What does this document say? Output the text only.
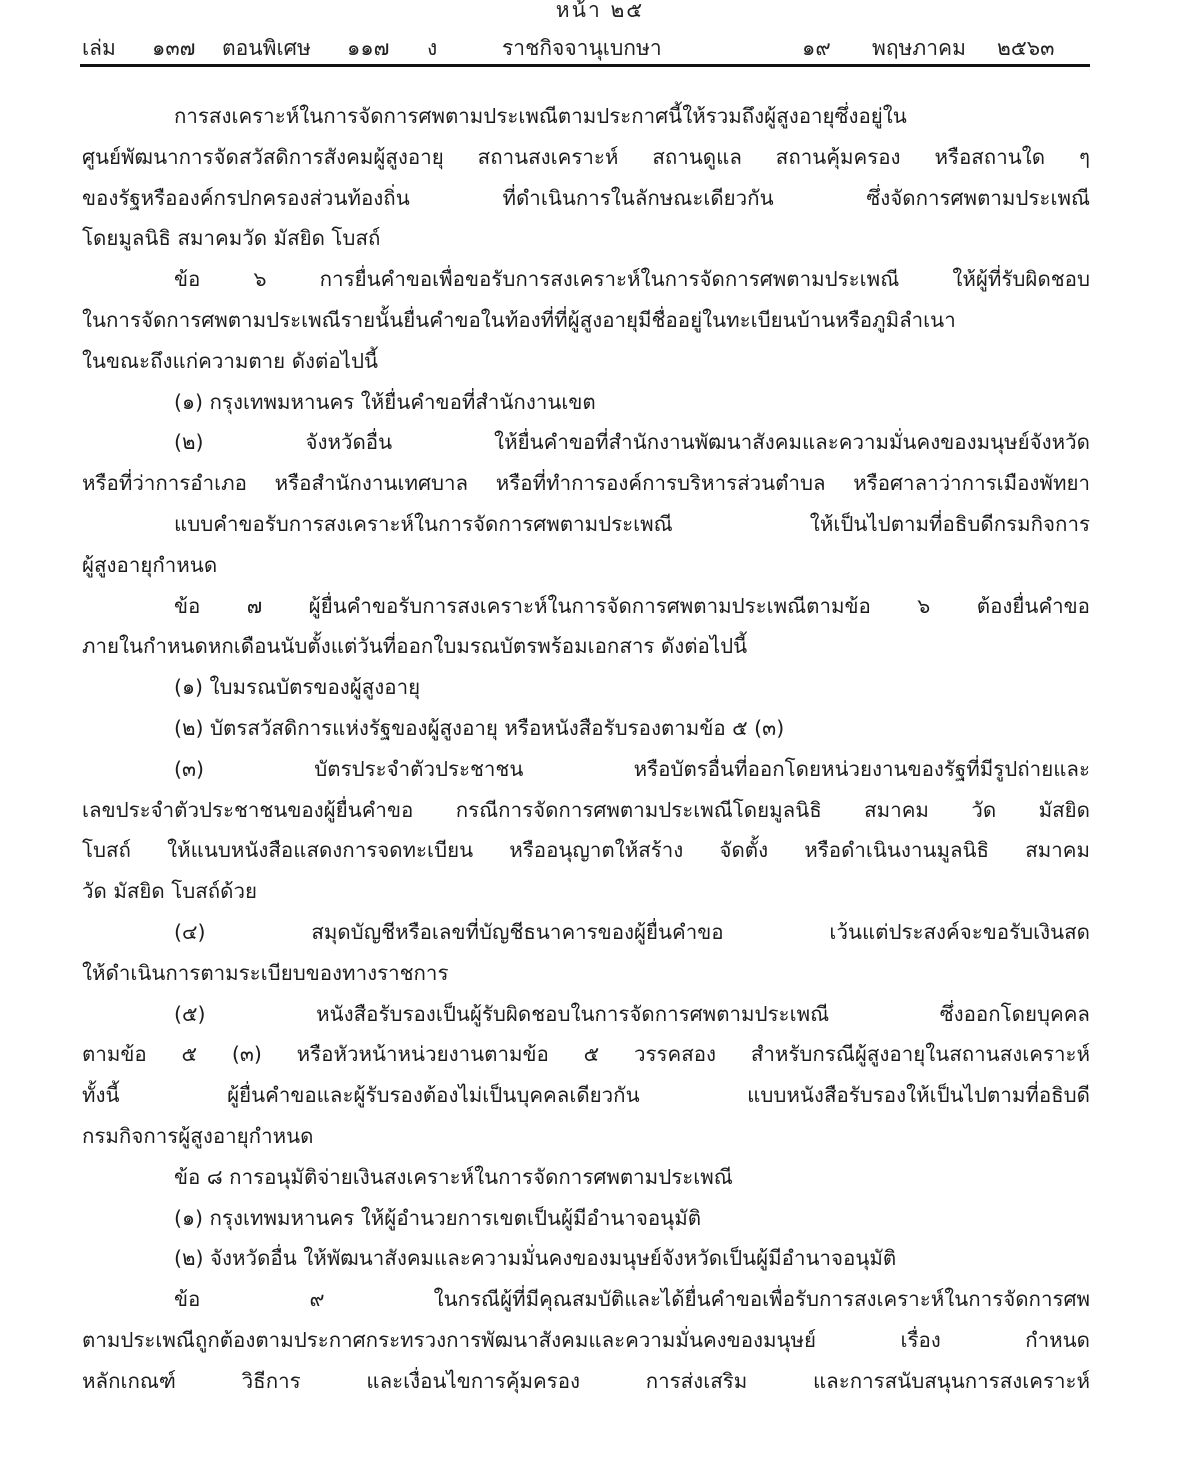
หน้า ๒๕
เล่ม ๑๓๗ ตอนพิเศษ ๑๑๗ ง	ราชกิจจานุเบกษา	๑๙ พฤษภาคม ๒๕๖๓
การสงเคราะห์ในการจัดการศพตามประเพณีตามประกาศนี้ให้รวมถึงผู้สูงอายุซึ่งอยู่ใน
ศูนย์พัฒนาการจัดสวัสดิการสังคมผู้สูงอายุ สถานสงเคราะห์ สถานดูแล สถานคุ้มครอง หรือสถานใด ๆ
ของรัฐหรือองค์กรปกครองส่วนท้องถิ่น ที่ดำเนินการในลักษณะเดียวกัน ซึ่งจัดการศพตามประเพณี
โดยมูลนิธิ สมาคมวัด มัสยิด โบสถ์
ข้อ ๖ การยื่นคำขอเพื่อขอรับการสงเคราะห์ในการจัดการศพตามประเพณี ให้ผู้ที่รับผิดชอบ
ในการจัดการศพตามประเพณีรายนั้นยื่นคำขอในท้องที่ที่ผู้สูงอายุมีชื่ออยู่ในทะเบียนบ้านหรือภูมิลำเนา
ในขณะถึงแก่ความตาย ดังต่อไปนี้
(๑) กรุงเทพมหานคร ให้ยื่นคำขอที่สำนักงานเขต
(๒) จังหวัดอื่น ให้ยื่นคำขอที่สำนักงานพัฒนาสังคมและความมั่นคงของมนุษย์จังหวัด
หรือที่ว่าการอำเภอ หรือสำนักงานเทศบาล หรือที่ทำการองค์การบริหารส่วนตำบล หรือศาลาว่าการเมืองพัทยา
แบบคำขอรับการสงเคราะห์ในการจัดการศพตามประเพณี ให้เป็นไปตามที่อธิบดีกรมกิจการ
ผู้สูงอายุกำหนด
ข้อ ๗ ผู้ยื่นคำขอรับการสงเคราะห์ในการจัดการศพตามประเพณีตามข้อ ๖ ต้องยื่นคำขอ
ภายในกำหนดหกเดือนนับตั้งแต่วันที่ออกใบมรณบัตรพร้อมเอกสาร ดังต่อไปนี้
(๑) ใบมรณบัตรของผู้สูงอายุ
(๒) บัตรสวัสดิการแห่งรัฐของผู้สูงอายุ หรือหนังสือรับรองตามข้อ ๕ (๓)
(๓) บัตรประจำตัวประชาชน หรือบัตรอื่นที่ออกโดยหน่วยงานของรัฐที่มีรูปถ่ายและ
เลขประจำตัวประชาชนของผู้ยื่นคำขอ กรณีการจัดการศพตามประเพณีโดยมูลนิธิ สมาคม วัด มัสยิด
โบสถ์ ให้แนบหนังสือแสดงการจดทะเบียน หรืออนุญาตให้สร้าง จัดตั้ง หรือดำเนินงานมูลนิธิ สมาคม
วัด มัสยิด โบสถ์ด้วย
(๔) สมุดบัญชีหรือเลขที่บัญชีธนาคารของผู้ยื่นคำขอ เว้นแต่ประสงค์จะขอรับเงินสด
ให้ดำเนินการตามระเบียบของทางราชการ
(๕) หนังสือรับรองเป็นผู้รับผิดชอบในการจัดการศพตามประเพณี ซึ่งออกโดยบุคคล
ตามข้อ ๕ (๓) หรือหัวหน้าหน่วยงานตามข้อ ๕ วรรคสอง สำหรับกรณีผู้สูงอายุในสถานสงเคราะห์
ทั้งนี้ ผู้ยื่นคำขอและผู้รับรองต้องไม่เป็นบุคคลเดียวกัน แบบหนังสือรับรองให้เป็นไปตามที่อธิบดี
กรมกิจการผู้สูงอายุกำหนด
ข้อ ๘ การอนุมัติจ่ายเงินสงเคราะห์ในการจัดการศพตามประเพณี
(๑) กรุงเทพมหานคร ให้ผู้อำนวยการเขตเป็นผู้มีอำนาจอนุมัติ
(๒) จังหวัดอื่น ให้พัฒนาสังคมและความมั่นคงของมนุษย์จังหวัดเป็นผู้มีอำนาจอนุมัติ
ข้อ ๙ ในกรณีผู้ที่มีคุณสมบัติและได้ยื่นคำขอเพื่อรับการสงเคราะห์ในการจัดการศพ
ตามประเพณีถูกต้องตามประกาศกระทรวงการพัฒนาสังคมและความมั่นคงของมนุษย์ เรื่อง กำหนด
หลักเกณฑ์ วิธีการ และเงื่อนไขการคุ้มครอง การส่งเสริม และการสนับสนุนการสงเคราะห์
